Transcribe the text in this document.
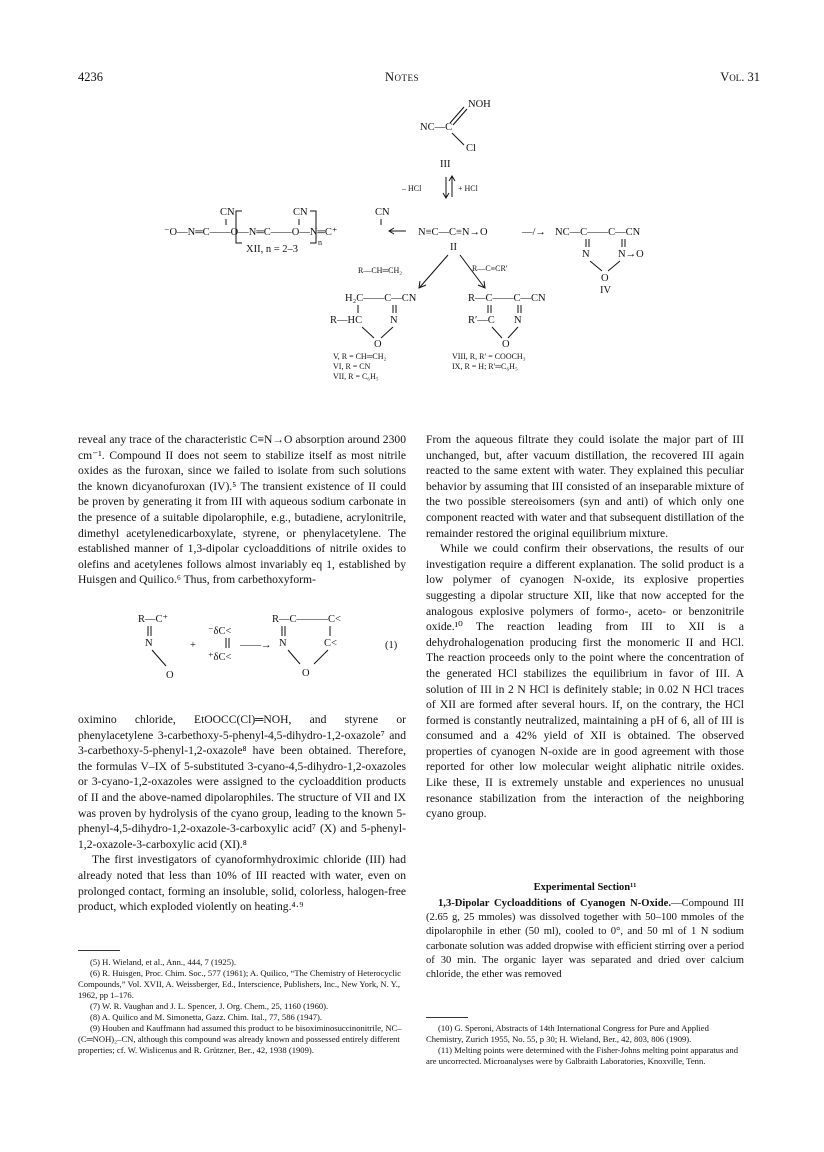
4236	Notes	Vol. 31
NOH
NC—C
Cl
III
– HCl	+ HCl
CN	CN	CN
n
⁻O—N═C——O—N═C——O—N═C⁺
XII, n = 2–3
N≡C—C≡N→O
II
—/→ NC—C——C—CN
N	N→O
O
IV
R—CH═CH₂	R—C≡CR′
H₂C——C—CN
R—HC	N
O
V, R = CH═CH₂
VI, R = CN
VII, R = C₆H₅
R—C——C—CN
R′—C N
O
VIII, R, R′ = COOCH₃
IX, R = H; R′═C₆H₅

reveal any trace of the characteristic C≡N→O absorption around 2300 cm⁻¹. Compound II does not seem to stabilize itself as most nitrile oxides as the furoxan, since we failed to isolate from such solutions the known dicyanofuroxan (IV).⁵ The transient existence of II could be proven by generating it from III with aqueous sodium carbonate in the presence of a suitable dipolarophile, e.g., butadiene, acrylonitrile, dimethyl acetylenedicarboxylate, styrene, or phenylacetylene. The established manner of 1,3-dipolar cycloadditions of nitrile oxides to olefins and acetylenes follows almost invariably eq 1, established by Huisgen and Quilico.⁶ Thus, from carbethoxyform-

R—C⁺
N
O
+
⁻δC<
⁺δC<
——→
R—C———C<
N	C<
O
(1)

oximino chloride, EtOOCC(Cl)═NOH, and styrene or phenylacetylene 3-carbethoxy-5-phenyl-4,5-dihydro-1,2-oxazole⁷ and 3-carbethoxy-5-phenyl-1,2-oxazole⁸ have been obtained. Therefore, the formulas V–IX of 5-substituted 3-cyano-4,5-dihydro-1,2-oxazoles or 3-cyano-1,2-oxazoles were assigned to the cycloaddition products of II and the above-named dipolarophiles. The structure of VII and IX was proven by hydrolysis of the cyano group, leading to the known 5-phenyl-4,5-dihydro-1,2-oxazole-3-carboxylic acid⁷ (X) and 5-phenyl-1,2-oxazole-3-carboxylic acid (XI).⁸

The first investigators of cyanoformhydroximic chloride (III) had already noted that less than 10% of III reacted with water, even on prolonged contact, forming an insoluble, solid, colorless, halogen-free product, which exploded violently on heating.⁴·⁹

(5) H. Wieland, et al., Ann., 444, 7 (1925).
(6) R. Huisgen, Proc. Chim. Soc., 577 (1961); A. Quilico, “The Chemistry of Heterocyclic Compounds,” Vol. XVII, A. Weissberger, Ed., Interscience, Publishers, Inc., New York, N. Y., 1962, pp 1–176.
(7) W. R. Vaughan and J. L. Spencer, J. Org. Chem., 25, 1160 (1960).
(8) A. Quilico and M. Simonetta, Gazz. Chim. Ital., 77, 586 (1947).
(9) Houben and Kauffmann had assumed this product to be bisoximinosuccinonitrile, NC–(C═NOH)₂–CN, although this compound was already known and possessed entirely different properties; cf. W. Wislicenus and R. Grützner, Ber., 42, 1938 (1909).

From the aqueous filtrate they could isolate the major part of III unchanged, but, after vacuum distillation, the recovered III again reacted to the same extent with water. They explained this peculiar behavior by assuming that III consisted of an inseparable mixture of the two possible stereoisomers (syn and anti) of which only one component reacted with water and that subsequent distillation of the remainder restored the original equilibrium mixture.

While we could confirm their observations, the results of our investigation require a different explanation. The solid product is a low polymer of cyanogen N-oxide, its explosive properties suggesting a dipolar structure XII, like that now accepted for the analogous explosive polymers of formo-, aceto- or benzonitrile oxide.¹⁰ The reaction leading from III to XII is a dehydrohalogenation producing first the monomeric II and HCl. The reaction proceeds only to the point where the concentration of the generated HCl stabilizes the equilibrium in favor of III. A solution of III in 2 N HCl is definitely stable; in 0.02 N HCl traces of XII are formed after several hours. If, on the contrary, the HCl formed is constantly neutralized, maintaining a pH of 6, all of III is consumed and a 42% yield of XII is obtained. The observed properties of cyanogen N-oxide are in good agreement with those reported for other low molecular weight aliphatic nitrile oxides. Like these, II is extremely unstable and experiences no unusual resonance stabilization from the interaction of the neighboring cyano group.

Experimental Section¹¹

1,3-Dipolar Cycloadditions of Cyanogen N-Oxide.—Compound III (2.65 g, 25 mmoles) was dissolved together with 50–100 mmoles of the dipolarophile in ether (50 ml), cooled to 0°, and 50 ml of 1 N sodium carbonate solution was added dropwise with efficient stirring over a period of 30 min. The organic layer was separated and dried over calcium chloride, the ether was removed

(10) G. Speroni, Abstracts of 14th International Congress for Pure and Applied Chemistry, Zurich 1955, No. 55, p 30; H. Wieland, Ber., 42, 803, 806 (1909).
(11) Melting points were determined with the Fisher-Johns melting point apparatus and are uncorrected. Microanalyses were by Galbraith Laboratories, Knoxville, Tenn.
